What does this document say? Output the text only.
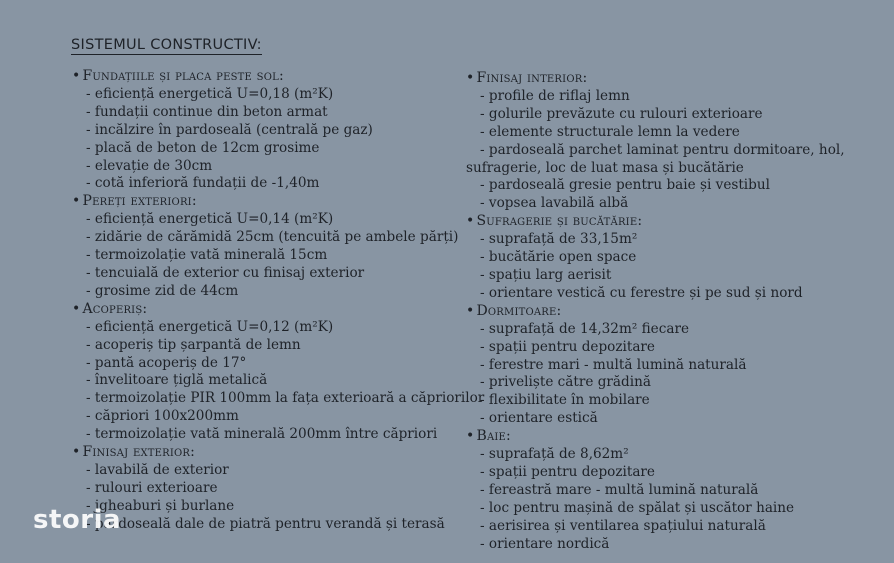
SISTEMUL CONSTRUCTIV:
• Fundațiile și placa peste sol:
- eficiență energetică U=0,18 (m²K)
- fundații continue din beton armat
- incălzire în pardoseală (centrală pe gaz)
- placă de beton de 12cm grosime
- elevație de 30cm
- cotă inferioră fundații de -1,40m
• Pereți exteriori:
- eficiență energetică U=0,14 (m²K)
- zidărie de cărămidă 25cm (tencuită pe ambele părți)
- termoizolație vată minerală 15cm
- tencuială de exterior cu finisaj exterior
- grosime zid de 44cm
• Acoperiș:
- eficiență energetică U=0,12 (m²K)
- acoperiș tip șarpantă de lemn
- pantă acoperiș de 17°
- învelitoare țiglă metalică
- termoizolație PIR 100mm la fața exterioară a căpriorilor
- căpriori 100x200mm
- termoizolație vată minerală 200mm între căpriori
• Finisaj exterior:
- lavabilă de exterior
- rulouri exterioare
- jgheaburi și burlane
- pardoseală dale de piatră pentru verandă și terasă
• Finisaj interior:
- profile de riflaj lemn
- golurile prevăzute cu rulouri exterioare
- elemente structurale lemn la vedere
- pardoseală parchet laminat pentru dormitoare, hol, sufragerie, loc de luat masa și bucătărie
- pardoseală gresie pentru baie și vestibul
- vopsea lavabilă albă
• Sufragerie și bucătărie:
- suprafață de 33,15m²
- bucătărie open space
- spațiu larg aerisit
- orientare vestică cu ferestre și pe sud și nord
• Dormitoare:
- suprafață de 14,32m² fiecare
- spații pentru depozitare
- ferestre mari - multă lumină naturală
- priveliște către grădină
- flexibilitate în mobilare
- orientare estică
• Baie:
- suprafață de 8,62m²
- spații pentru depozitare
- fereastră mare - multă lumină naturală
- loc pentru mașină de spălat și uscător haine
- aerisirea și ventilarea spațiului naturală
- orientare nordică
storia
